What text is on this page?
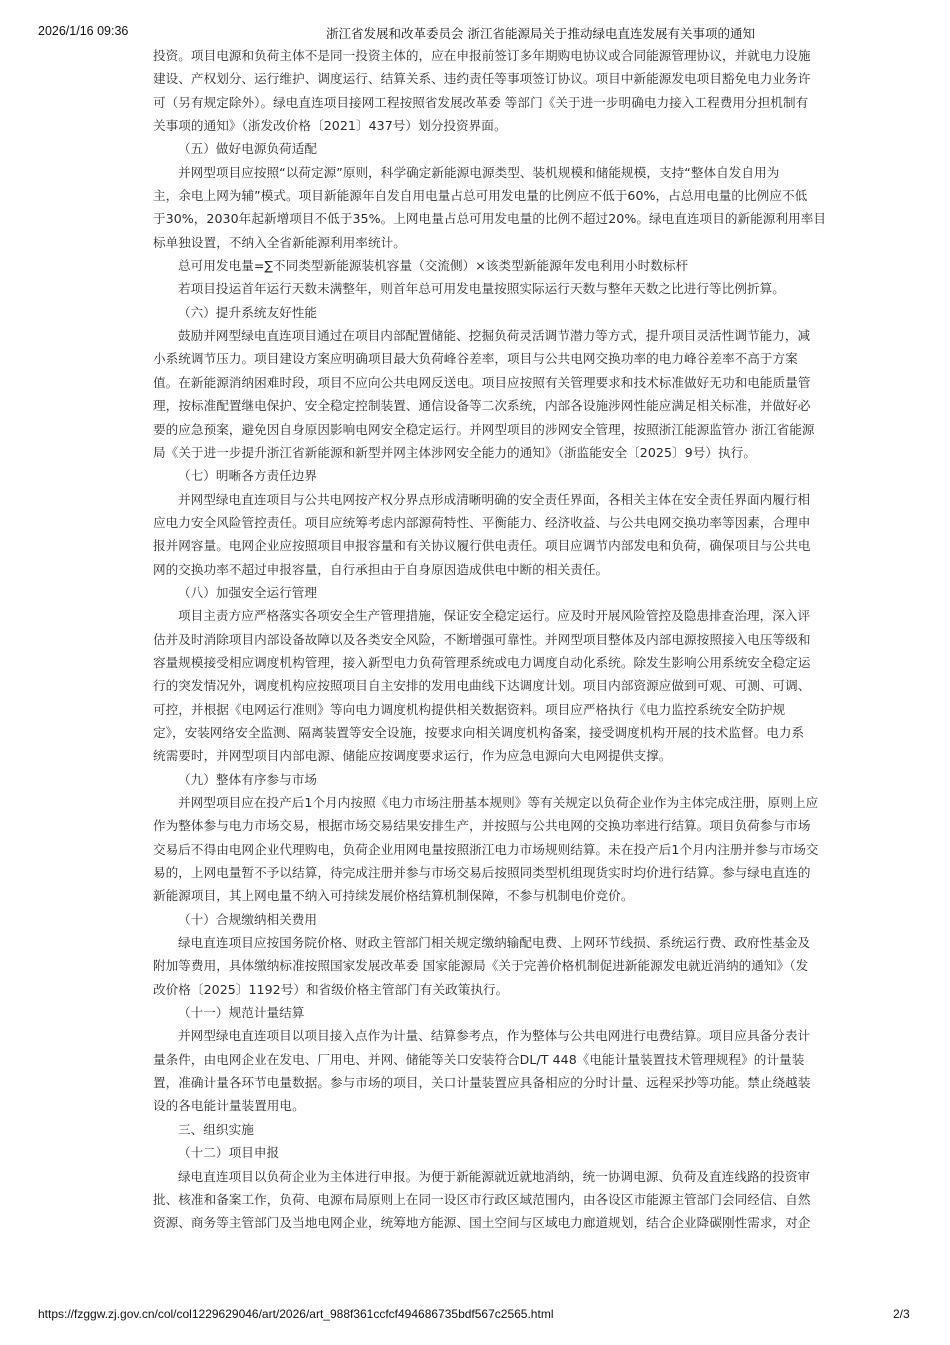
2026/1/16 09:36	浙江省发展和改革委员会 浙江省能源局关于推动绿电直连发展有关事项的通知
投资。项目电源和负荷主体不是同一投资主体的，应在申报前签订多年期购电协议或合同能源管理协议，并就电力设施
建设、产权划分、运行维护、调度运行、结算关系、违约责任等事项签订协议。项目中新能源发电项目豁免电力业务许
可（另有规定除外）。绿电直连项目接网工程按照省发展改革委 等部门《关于进一步明确电力接入工程费用分担机制有
关事项的通知》（浙发改价格〔2021〕437号）划分投资界面。
（五）做好电源负荷适配
并网型项目应按照“以荷定源”原则，科学确定新能源电源类型、装机规模和储能规模，支持“整体自发自用为
主，余电上网为辅”模式。项目新能源年自发自用电量占总可用发电量的比例应不低于60%，占总用电量的比例应不低
于30%，2030年起新增项目不低于35%。上网电量占总可用发电量的比例不超过20%。绿电直连项目的新能源利用率目
标单独设置，不纳入全省新能源利用率统计。
总可用发电量=∑不同类型新能源装机容量（交流侧）×该类型新能源年发电利用小时数标杆
若项目投运首年运行天数未满整年，则首年总可用发电量按照实际运行天数与整年天数之比进行等比例折算。
（六）提升系统友好性能
鼓励并网型绿电直连项目通过在项目内部配置储能、挖掘负荷灵活调节潜力等方式，提升项目灵活性调节能力，减
小系统调节压力。项目建设方案应明确项目最大负荷峰谷差率，项目与公共电网交换功率的电力峰谷差率不高于方案
值。在新能源消纳困难时段，项目不应向公共电网反送电。项目应按照有关管理要求和技术标准做好无功和电能质量管
理，按标准配置继电保护、安全稳定控制装置、通信设备等二次系统，内部各设施涉网性能应满足相关标准，并做好必
要的应急预案，避免因自身原因影响电网安全稳定运行。并网型项目的涉网安全管理，按照浙江能源监管办 浙江省能源
局《关于进一步提升浙江省新能源和新型并网主体涉网安全能力的通知》（浙监能安全〔2025〕9号）执行。
（七）明晰各方责任边界
并网型绿电直连项目与公共电网按产权分界点形成清晰明确的安全责任界面，各相关主体在安全责任界面内履行相
应电力安全风险管控责任。项目应统筹考虑内部源荷特性、平衡能力、经济收益、与公共电网交换功率等因素，合理申
报并网容量。电网企业应按照项目申报容量和有关协议履行供电责任。项目应调节内部发电和负荷，确保项目与公共电
网的交换功率不超过申报容量，自行承担由于自身原因造成供电中断的相关责任。
（八）加强安全运行管理
项目主责方应严格落实各项安全生产管理措施，保证安全稳定运行。应及时开展风险管控及隐患排查治理，深入评
估并及时消除项目内部设备故障以及各类安全风险，不断增强可靠性。并网型项目整体及内部电源按照接入电压等级和
容量规模接受相应调度机构管理，接入新型电力负荷管理系统或电力调度自动化系统。除发生影响公用系统安全稳定运
行的突发情况外，调度机构应按照项目自主安排的发用电曲线下达调度计划。项目内部资源应做到可观、可测、可调、
可控，并根据《电网运行准则》等向电力调度机构提供相关数据资料。项目应严格执行《电力监控系统安全防护规
定》，安装网络安全监测、隔离装置等安全设施，按要求向相关调度机构备案，接受调度机构开展的技术监督。电力系
统需要时，并网型项目内部电源、储能应按调度要求运行，作为应急电源向大电网提供支撑。
（九）整体有序参与市场
并网型项目应在投产后1个月内按照《电力市场注册基本规则》等有关规定以负荷企业作为主体完成注册，原则上应
作为整体参与电力市场交易，根据市场交易结果安排生产，并按照与公共电网的交换功率进行结算。项目负荷参与市场
交易后不得由电网企业代理购电，负荷企业用网电量按照浙江电力市场规则结算。未在投产后1个月内注册并参与市场交
易的，上网电量暂不予以结算，待完成注册并参与市场交易后按照同类型机组现货实时均价进行结算。参与绿电直连的
新能源项目，其上网电量不纳入可持续发展价格结算机制保障，不参与机制电价竞价。
（十）合规缴纳相关费用
绿电直连项目应按国务院价格、财政主管部门相关规定缴纳输配电费、上网环节线损、系统运行费、政府性基金及
附加等费用，具体缴纳标准按照国家发展改革委 国家能源局《关于完善价格机制促进新能源发电就近消纳的通知》（发
改价格〔2025〕1192号）和省级价格主管部门有关政策执行。
（十一）规范计量结算
并网型绿电直连项目以项目接入点作为计量、结算参考点，作为整体与公共电网进行电费结算。项目应具备分表计
量条件，由电网企业在发电、厂用电、并网、储能等关口安装符合DL/T 448《电能计量装置技术管理规程》的计量装
置，准确计量各环节电量数据。参与市场的项目，关口计量装置应具备相应的分时计量、远程采抄等功能。禁止绕越装
设的各电能计量装置用电。
三、组织实施
（十二）项目申报
绿电直连项目以负荷企业为主体进行申报。为便于新能源就近就地消纳，统一协调电源、负荷及直连线路的投资审
批、核准和备案工作，负荷、电源布局原则上在同一设区市行政区域范围内，由各设区市能源主管部门会同经信、自然
资源、商务等主管部门及当地电网企业，统筹地方能源、国土空间与区域电力廊道规划，结合企业降碳刚性需求，对企
https://fzggw.zj.gov.cn/col/col1229629046/art/2026/art_988f361ccfcf494686735bdf567c2565.html	2/3
